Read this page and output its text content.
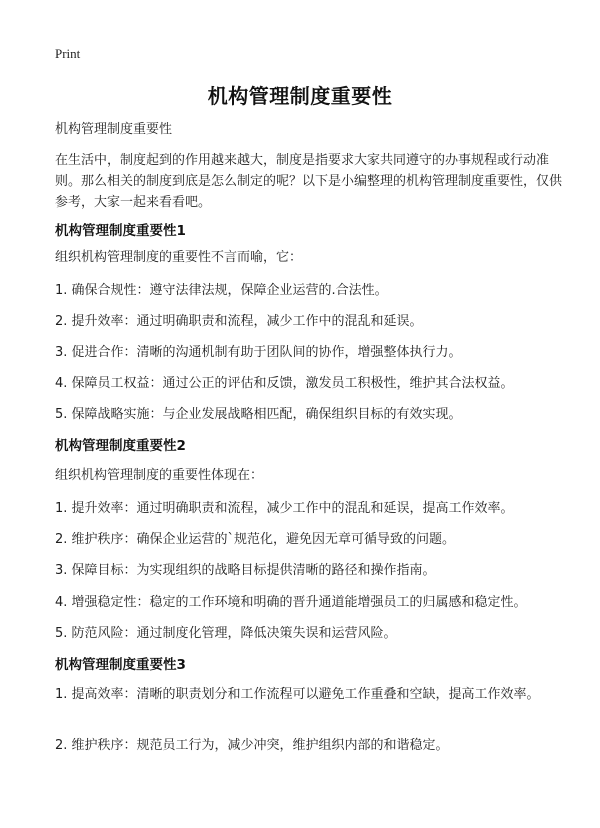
Print
机构管理制度重要性
机构管理制度重要性
在生活中，制度起到的作用越来越大，制度是指要求大家共同遵守的办事规程或行动准则。那么相关的制度到底是怎么制定的呢？以下是小编整理的机构管理制度重要性，仅供参考，大家一起来看看吧。
机构管理制度重要性1
组织机构管理制度的重要性不言而喻，它：
1. 确保合规性：遵守法律法规，保障企业运营的.合法性。
2. 提升效率：通过明确职责和流程，减少工作中的混乱和延误。
3. 促进合作：清晰的沟通机制有助于团队间的协作，增强整体执行力。
4. 保障员工权益：通过公正的评估和反馈，激发员工积极性，维护其合法权益。
5. 保障战略实施：与企业发展战略相匹配，确保组织目标的有效实现。
机构管理制度重要性2
组织机构管理制度的重要性体现在：
1. 提升效率：通过明确职责和流程，减少工作中的混乱和延误，提高工作效率。
2. 维护秩序：确保企业运营的`规范化，避免因无章可循导致的问题。
3. 保障目标：为实现组织的战略目标提供清晰的路径和操作指南。
4. 增强稳定性：稳定的工作环境和明确的晋升通道能增强员工的归属感和稳定性。
5. 防范风险：通过制度化管理，降低决策失误和运营风险。
机构管理制度重要性3
1. 提高效率：清晰的职责划分和工作流程可以避免工作重叠和空缺，提高工作效率。
2. 维护秩序：规范员工行为，减少冲突，维护组织内部的和谐稳定。
